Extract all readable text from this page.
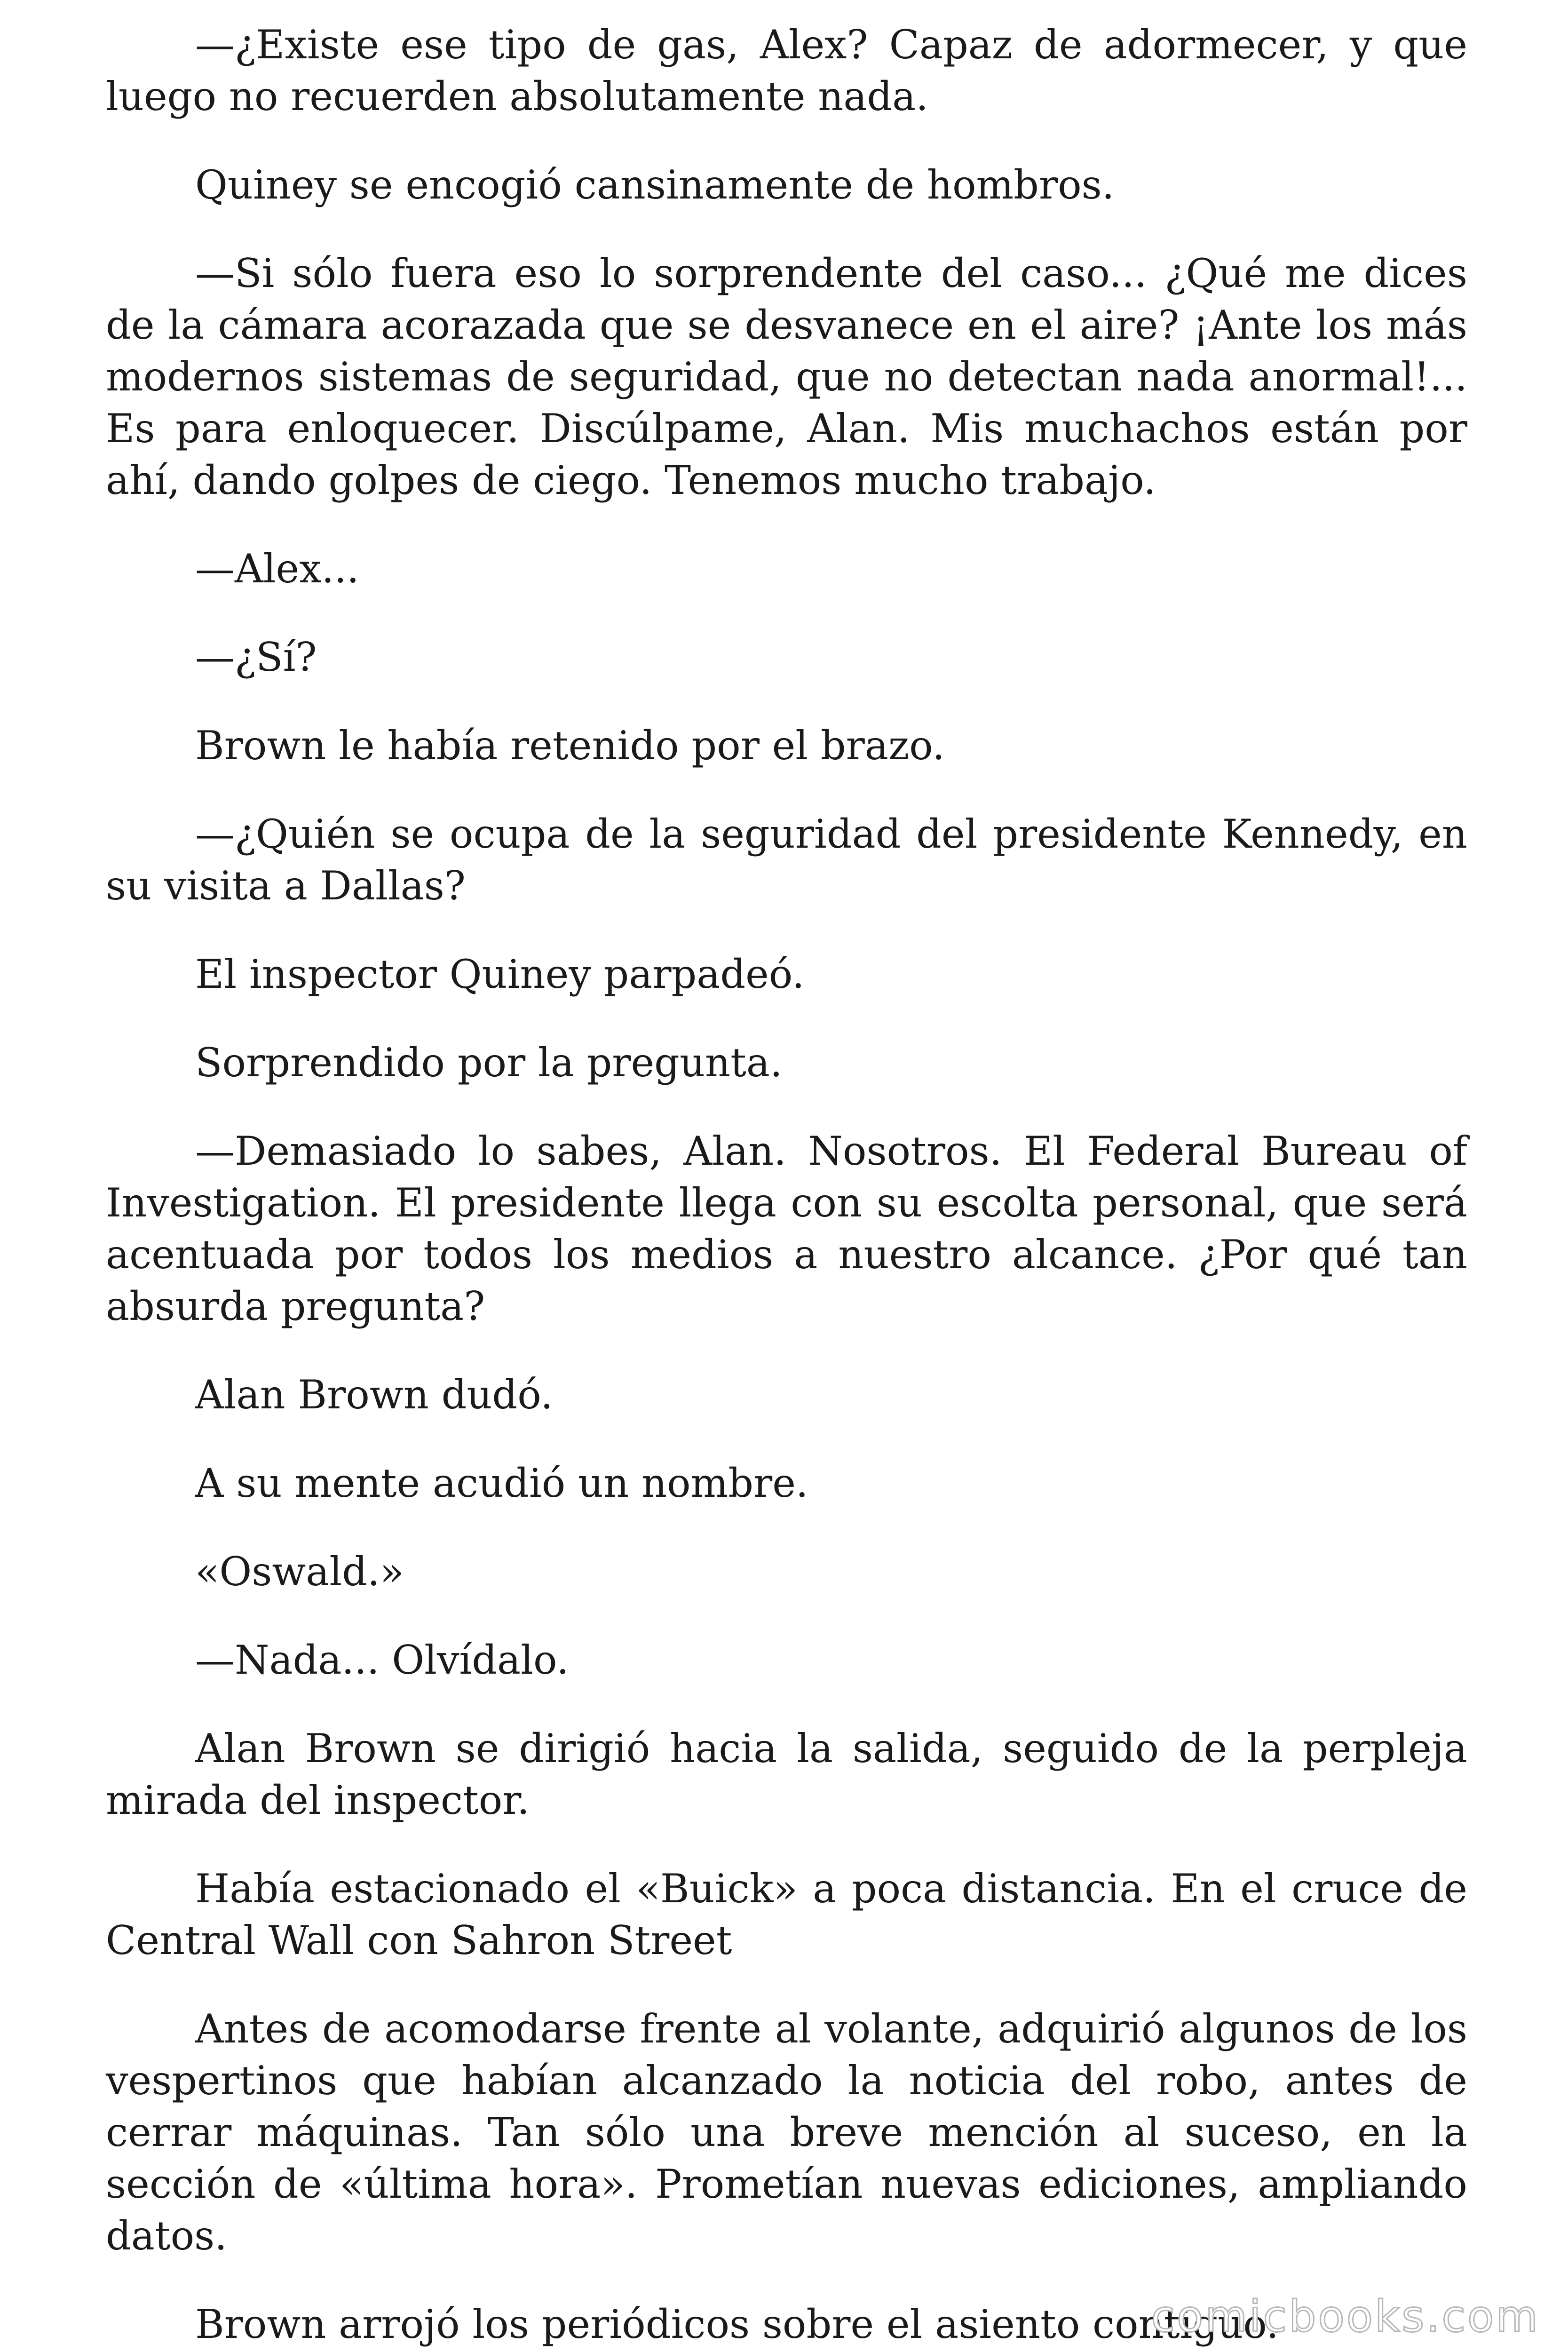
—¿Existe ese tipo de gas, Alex? Capaz de adormecer, y que luego no recuerden absolutamente nada.

Quiney se encogió cansinamente de hombros.

—Si sólo fuera eso lo sorprendente del caso... ¿Qué me dices de la cámara acorazada que se desvanece en el aire? ¡Ante los más modernos sistemas de seguridad, que no detectan nada anormal!... Es para enloquecer. Discúlpame, Alan. Mis muchachos están por ahí, dando golpes de ciego. Tenemos mucho trabajo.

—Alex...

—¿Sí?

Brown le había retenido por el brazo.

—¿Quién se ocupa de la seguridad del presidente Kennedy, en su visita a Dallas?

El inspector Quiney parpadeó.

Sorprendido por la pregunta.

—Demasiado lo sabes, Alan. Nosotros. El Federal Bureau of Investigation. El presidente llega con su escolta personal, que será acentuada por todos los medios a nuestro alcance. ¿Por qué tan absurda pregunta?

Alan Brown dudó.

A su mente acudió un nombre.

«Oswald.»

—Nada... Olvídalo.

Alan Brown se dirigió hacia la salida, seguido de la perpleja mirada del inspector.

Había estacionado el «Buick» a poca distancia. En el cruce de Central Wall con Sahron Street

Antes de acomodarse frente al volante, adquirió algunos de los vespertinos que habían alcanzado la noticia del robo, antes de cerrar máquinas. Tan sólo una breve mención al suceso, en la sección de «última hora». Prometían nuevas ediciones, ampliando datos.

Brown arrojó los periódicos sobre el asiento contiguo.

comicbooks.com
